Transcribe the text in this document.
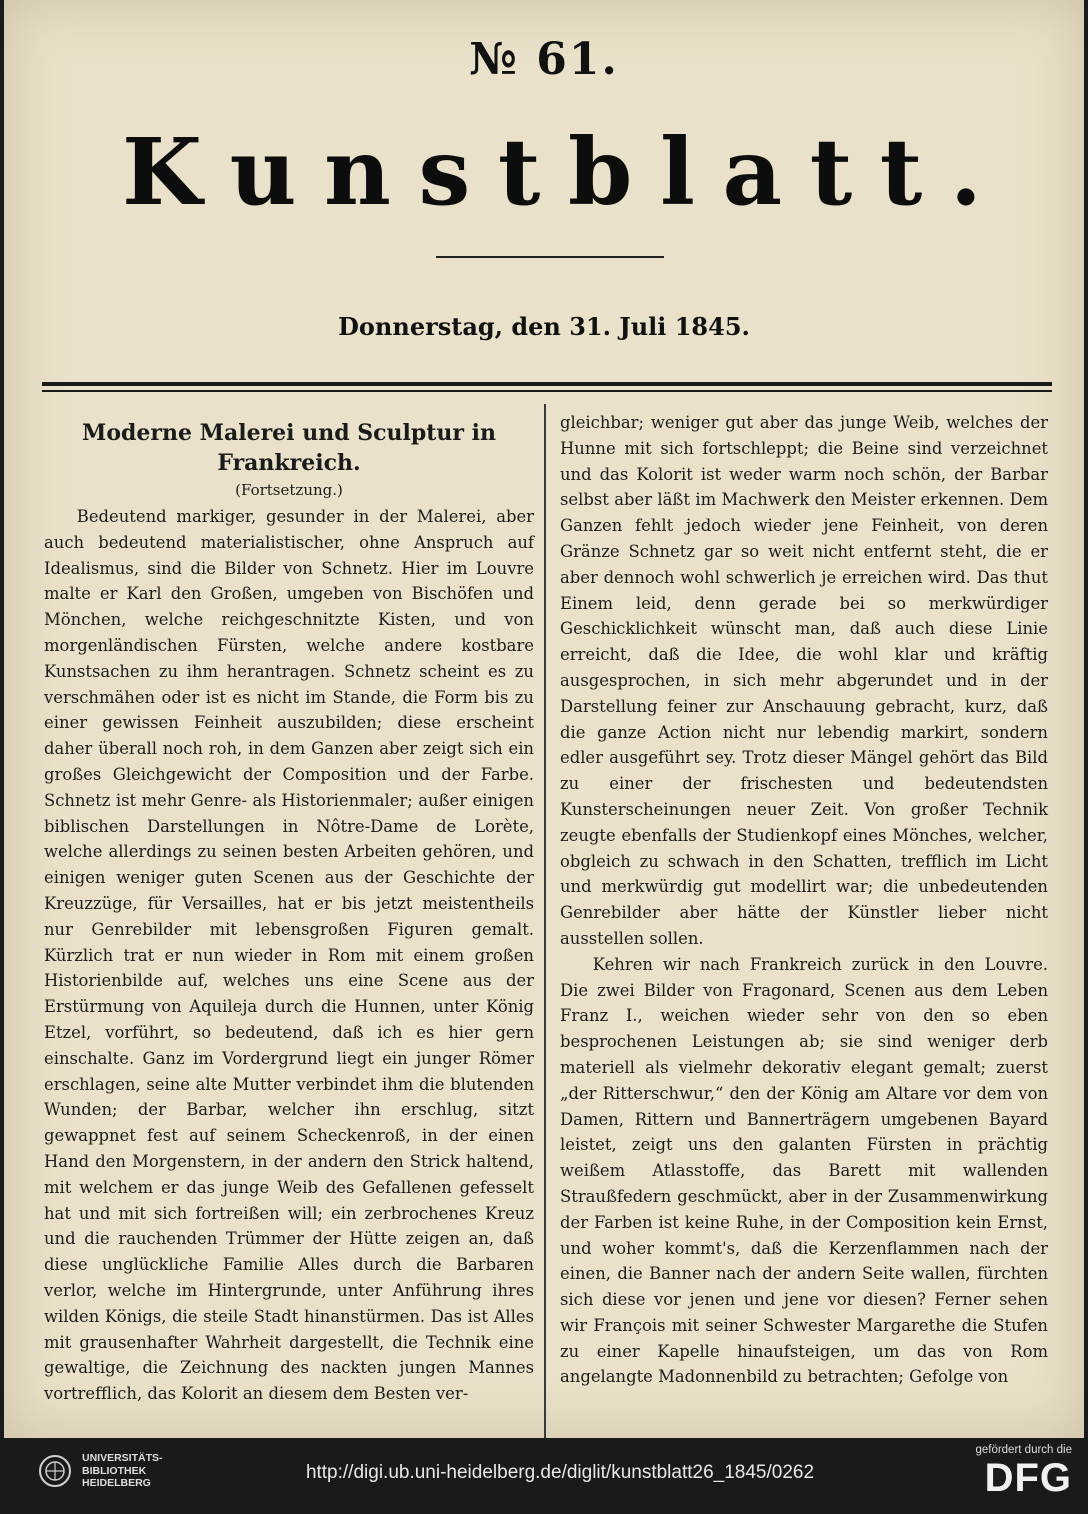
№ 61.
K u n s t b l a t t .
Donnerstag, den 31. Juli 1845.
Moderne Malerei und Sculptur in Frankreich.
(Fortsetzung.)

Bedeutend markiger, gesunder in der Malerei, aber auch bedeutend materialistischer, ohne Anspruch auf Idealismus, sind die Bilder von Schnetz. Hier im Louvre malte er Karl den Großen, umgeben von Bischöfen und Mönchen, welche reichgeschnitzte Kisten, und von morgenländischen Fürsten, welche andere kostbare Kunstsachen zu ihm herantragen. Schnetz scheint es zu verschmähen oder ist es nicht im Stande, die Form bis zu einer gewissen Feinheit auszubilden; diese erscheint daher überall noch roh, in dem Ganzen aber zeigt sich ein großes Gleichgewicht der Composition und der Farbe. Schnetz ist mehr Genre- als Historienmaler; außer einigen biblischen Darstellungen in Nôtre-Dame de Lorète, welche allerdings zu seinen besten Arbeiten gehören, und einigen weniger guten Scenen aus der Geschichte der Kreuzzüge, für Versailles, hat er bis jetzt meistentheils nur Genrebilder mit lebensgroßen Figuren gemalt. Kürzlich trat er nun wieder in Rom mit einem großen Historienbilde auf, welches uns eine Scene aus der Erstürmung von Aquileja durch die Hunnen, unter König Etzel, vorführt, so bedeutend, daß ich es hier gern einschalte. Ganz im Vordergrund liegt ein junger Römer erschlagen, seine alte Mutter verbindet ihm die blutenden Wunden; der Barbar, welcher ihn erschlug, sitzt gewappnet fest auf seinem Scheckenroß, in der einen Hand den Morgenstern, in der andern den Strick haltend, mit welchem er das junge Weib des Gefallenen gefesselt hat und mit sich fortreißen will; ein zerbrochenes Kreuz und die rauchenden Trümmer der Hütte zeigen an, daß diese unglückliche Familie Alles durch die Barbaren verlor, welche im Hintergrunde, unter Anführung ihres wilden Königs, die steile Stadt hinanstürmen. Das ist Alles mit grausenhafter Wahrheit dargestellt, die Technik eine gewaltige, die Zeichnung des nackten jungen Mannes vortrefflich, das Kolorit an diesem dem Besten ver-

gleichbar; weniger gut aber das junge Weib, welches der Hunne mit sich fortschleppt; die Beine sind verzeichnet und das Kolorit ist weder warm noch schön, der Barbar selbst aber läßt im Machwerk den Meister erkennen. Dem Ganzen fehlt jedoch wieder jene Feinheit, von deren Gränze Schnetz gar so weit nicht entfernt steht, die er aber dennoch wohl schwerlich je erreichen wird. Das thut Einem leid, denn gerade bei so merkwürdiger Geschicklichkeit wünscht man, daß auch diese Linie erreicht, daß die Idee, die wohl klar und kräftig ausgesprochen, in sich mehr abgerundet und in der Darstellung feiner zur Anschauung gebracht, kurz, daß die ganze Action nicht nur lebendig markirt, sondern edler ausgeführt sey. Trotz dieser Mängel gehört das Bild zu einer der frischesten und bedeutendsten Kunsterscheinungen neuer Zeit. Von großer Technik zeugte ebenfalls der Studienkopf eines Mönches, welcher, obgleich zu schwach in den Schatten, trefflich im Licht und merkwürdig gut modellirt war; die unbedeutenden Genrebilder aber hätte der Künstler lieber nicht ausstellen sollen.

Kehren wir nach Frankreich zurück in den Louvre. Die zwei Bilder von Fragonard, Scenen aus dem Leben Franz I., weichen wieder sehr von den so eben besprochenen Leistungen ab; sie sind weniger derb materiell als vielmehr dekorativ elegant gemalt; zuerst „der Ritterschwur,“ den der König am Altare vor dem von Damen, Rittern und Bannerträgern umgebenen Bayard leistet, zeigt uns den galanten Fürsten in prächtig weißem Atlasstoffe, das Barett mit wallenden Straußfedern geschmückt, aber in der Zusammenwirkung der Farben ist keine Ruhe, in der Composition kein Ernst, und woher kommt's, daß die Kerzenflammen nach der einen, die Banner nach der andern Seite wallen, fürchten sich diese vor jenen und jene vor diesen? Ferner sehen wir François mit seiner Schwester Margarethe die Stufen zu einer Kapelle hinaufsteigen, um das von Rom angelangte Madonnenbild zu betrachten; Gefolge von

UNIVERSITÄTS-
BIBLIOTHEK
HEIDELBERG	http://digi.ub.uni-heidelberg.de/diglit/kunstblatt26_1845/0262
gefördert durch die
DFG
